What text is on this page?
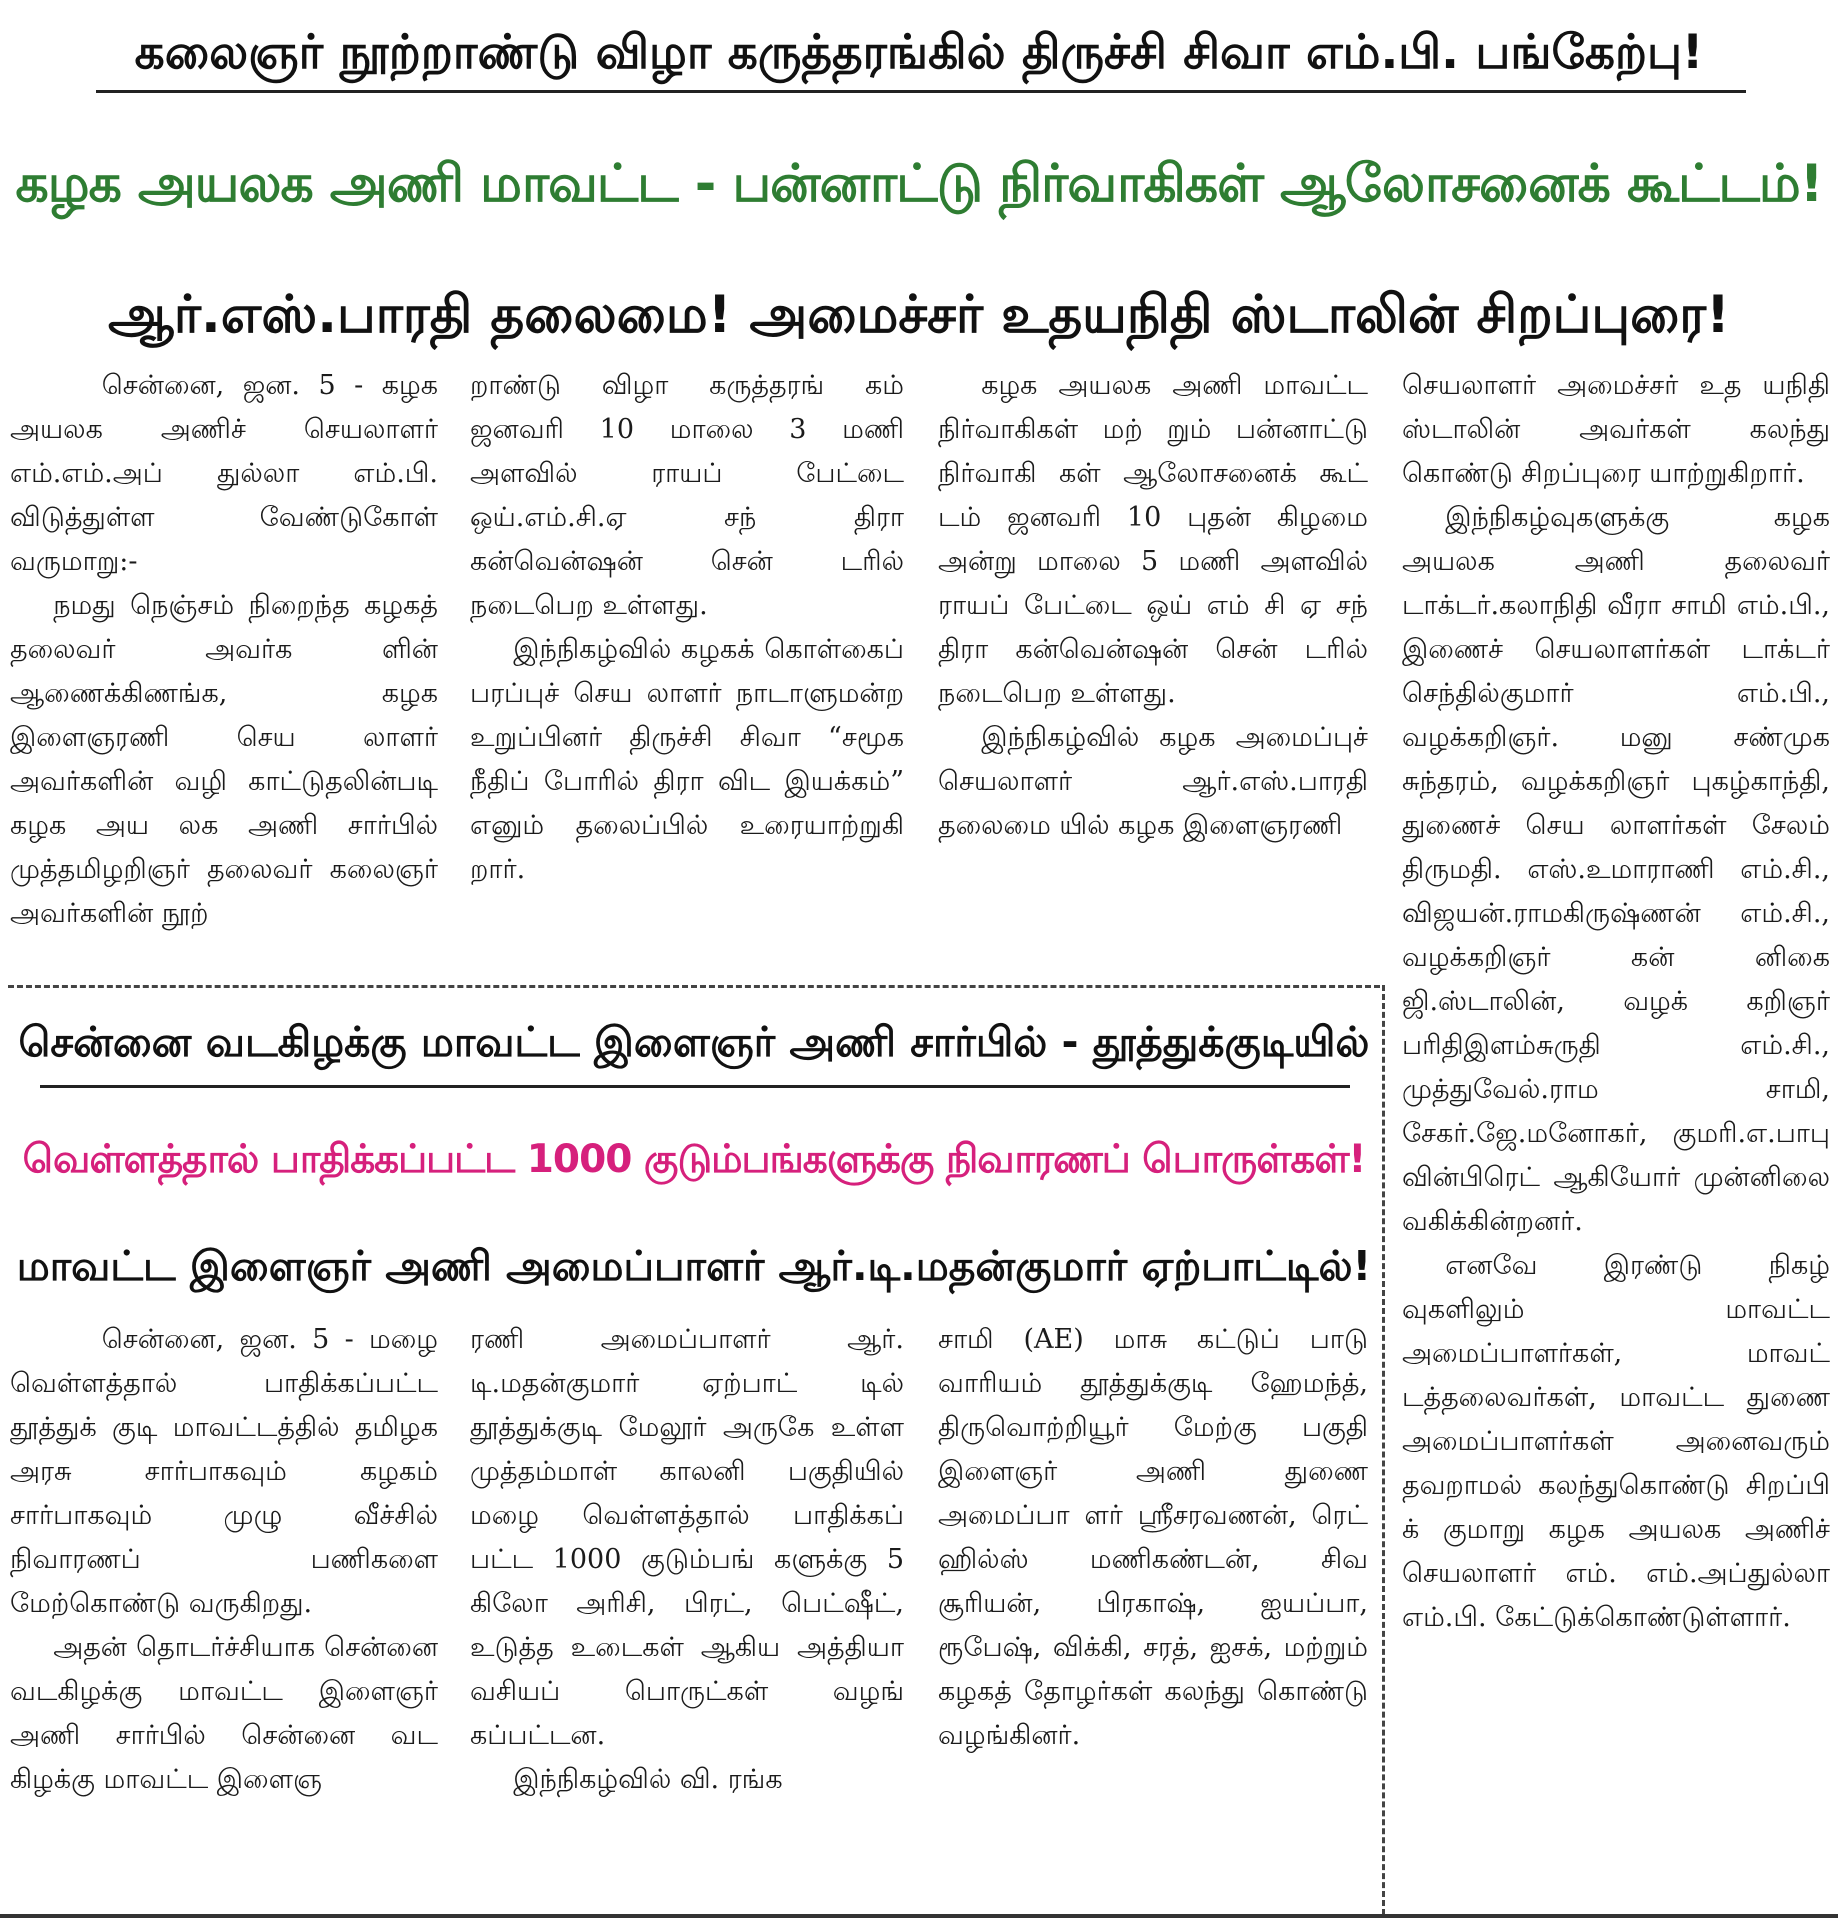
கலைஞர் நூற்றாண்டு விழா கருத்தரங்கில் திருச்சி சிவா எம்.பி. பங்கேற்பு!
கழக அயலக அணி மாவட்ட - பன்னாட்டு நிர்வாகிகள் ஆலோசனைக் கூட்டம்!
ஆர்.எஸ்.பாரதி தலைமை! அமைச்சர் உதயநிதி ஸ்டாலின் சிறப்புரை!

சென்னை, ஜன. 5 - கழக அயலக அணிச் செயலாளர் எம்.எம்.அப் துல்லா எம்.பி. விடுத்துள்ள வேண்டுகோள் வருமாறு:-

நமது நெஞ்சம் நிறைந்த கழகத் தலைவர் அவர்க ளின் ஆணைக்கிணங்க, கழக இளைஞரணி செய லாளர் அவர்களின் வழி காட்டுதலின்படி கழக அய லக அணி சார்பில் முத்தமிழறிஞர் தலைவர் கலைஞர் அவர்களின் நூற்

றாண்டு விழா கருத்தரங் கம் ஜனவரி 10 மாலை 3 மணி அளவில் ராயப் பேட்டை ஒய்.எம்.சி.ஏ சந் திரா கன்வென்ஷன் சென் டரில் நடைபெற உள்ளது.

இந்நிகழ்வில் கழகக் கொள்கைப் பரப்புச் செய லாளர் நாடாளுமன்ற உறுப்பினர் திருச்சி சிவா “சமூக நீதிப் போரில் திரா விட இயக்கம்” எனும் தலைப்பில் உரையாற்றுகி றார்.

கழக அயலக அணி மாவட்ட நிர்வாகிகள் மற் றும் பன்னாட்டு நிர்வாகி கள் ஆலோசனைக் கூட் டம் ஜனவரி 10 புதன் கிழமை அன்று மாலை 5 மணி அளவில் ராயப் பேட்டை ஒய் எம் சி ஏ சந் திரா கன்வென்ஷன் சென் டரில் நடைபெற உள்ளது.

இந்நிகழ்வில் கழக அமைப்புச் செயலாளர் ஆர்.எஸ்.பாரதி தலைமை யில் கழக இளைஞரணி

செயலாளர் அமைச்சர் உத யநிதி ஸ்டாலின் அவர்கள் கலந்து கொண்டு சிறப்புரை யாற்றுகிறார்.

இந்நிகழ்வுகளுக்கு கழக அயலக அணி தலைவர் டாக்டர்.கலாநிதி வீரா சாமி எம்.பி., இணைச் செயலாளர்கள் டாக்டர் செந்தில்குமார் எம்.பி., வழக்கறிஞர். மனு சண்முக சுந்தரம், வழக்கறிஞர் புகழ்காந்தி, துணைச் செய லாளர்கள் சேலம் திருமதி. எஸ்.உமாராணி எம்.சி., விஜயன்.ராமகிருஷ்ணன் எம்.சி., வழக்கறிஞர் கன் னிகை ஜி.ஸ்டாலின், வழக் கறிஞர் பரிதிஇளம்சுருதி எம்.சி., முத்துவேல்.ராம சாமி, சேகர்.ஜே.மனோகர், குமரி.எ.பாபு வின்பிரெட் ஆகியோர் முன்னிலை வகிக்கின்றனர்.

எனவே இரண்டு நிகழ் வுகளிலும் மாவட்ட அமைப்பாளர்கள், மாவட் டத்தலைவர்கள், மாவட்ட துணை அமைப்பாளர்கள் அனைவரும் தவறாமல் கலந்துகொண்டு சிறப்பி க் குமாறு கழக அயலக அணிச் செயலாளர் எம். எம்.அப்துல்லா எம்.பி. கேட்டுக்கொண்டுள்ளார்.

சென்னை வடகிழக்கு மாவட்ட இளைஞர் அணி சார்பில் - தூத்துக்குடியில்
வெள்ளத்தால் பாதிக்கப்பட்ட 1000 குடும்பங்களுக்கு நிவாரணப் பொருள்கள்!
மாவட்ட இளைஞர் அணி அமைப்பாளர் ஆர்.டி.மதன்குமார் ஏற்பாட்டில்!

சென்னை, ஜன. 5 - மழை வெள்ளத்தால் பாதிக்கப்பட்ட தூத்துக் குடி மாவட்டத்தில் தமிழக அரசு சார்பாகவும் கழகம் சார்பாகவும் முழு வீச்சில் நிவாரணப் பணிகளை மேற்கொண்டு வருகிறது.

அதன் தொடர்ச்சியாக சென்னை வடகிழக்கு மாவட்ட இளைஞர் அணி சார்பில் சென்னை வட கிழக்கு மாவட்ட இளைஞ

ரணி அமைப்பாளர் ஆர். டி.மதன்குமார் ஏற்பாட் டில் தூத்துக்குடி மேலூர் அருகே உள்ள முத்தம்மாள் காலனி பகுதியில் மழை வெள்ளத்தால் பாதிக்கப் பட்ட 1000 குடும்பங் களுக்கு 5 கிலோ அரிசி, பிரட், பெட்ஷீட், உடுத்த உடைகள் ஆகிய அத்தியா வசியப் பொருட்கள் வழங் கப்பட்டன.

இந்நிகழ்வில் வி. ரங்க

சாமி (AE) மாசு கட்டுப் பாடு வாரியம் தூத்துக்குடி ஹேமந்த், திருவொற்றியூர் மேற்கு பகுதி இளைஞர் அணி துணை அமைப்பா ளர் ஸ்ரீசரவணன், ரெட் ஹில்ஸ் மணிகண்டன், சிவ சூரியன், பிரகாஷ், ஐயப்பா, ரூபேஷ், விக்கி, சரத், ஐசக், மற்றும் கழகத் தோழர்கள் கலந்து கொண்டு வழங்கினர்.
